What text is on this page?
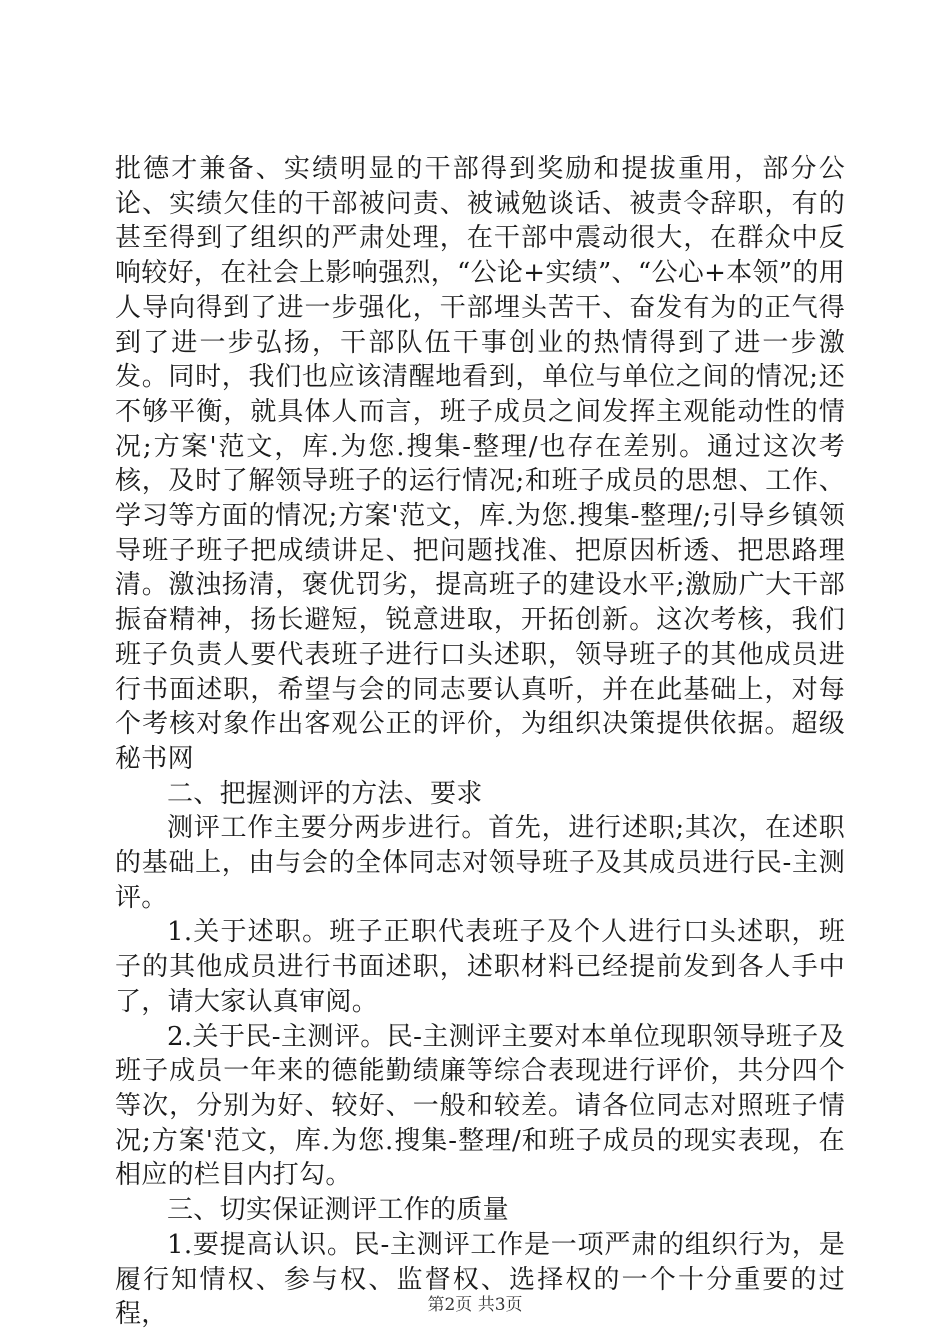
批德才兼备、实绩明显的干部得到奖励和提拔重用，部分公论、实绩欠佳的干部被问责、被诫勉谈话、被责令辞职，有的甚至得到了组织的严肃处理，在干部中震动很大，在群众中反响较好，在社会上影响强烈，“公论+实绩”、“公心+本领”的用人导向得到了进一步强化，干部埋头苦干、奋发有为的正气得到了进一步弘扬，干部队伍干事创业的热情得到了进一步激发。同时，我们也应该清醒地看到，单位与单位之间的情况;还不够平衡，就具体人而言，班子成员之间发挥主观能动性的情况;方案'范文，库.为您.搜集-整理/也存在差别。通过这次考核，及时了解领导班子的运行情况;和班子成员的思想、工作、学习等方面的情况;方案'范文，库.为您.搜集-整理/;引导乡镇领导班子班子把成绩讲足、把问题找准、把原因析透、把思路理清。激浊扬清，褒优罚劣，提高班子的建设水平;激励广大干部振奋精神，扬长避短，锐意进取，开拓创新。这次考核，我们班子负责人要代表班子进行口头述职，领导班子的其他成员进行书面述职，希望与会的同志要认真听，并在此基础上，对每个考核对象作出客观公正的评价，为组织决策提供依据。超级秘书网

二、把握测评的方法、要求

测评工作主要分两步进行。首先，进行述职;其次，在述职的基础上，由与会的全体同志对领导班子及其成员进行民-主测评。

1.关于述职。班子正职代表班子及个人进行口头述职，班子的其他成员进行书面述职，述职材料已经提前发到各人手中了，请大家认真审阅。

2.关于民-主测评。民-主测评主要对本单位现职领导班子及班子成员一年来的德能勤绩廉等综合表现进行评价，共分四个等次，分别为好、较好、一般和较差。请各位同志对照班子情况;方案'范文，库.为您.搜集-整理/和班子成员的现实表现，在相应的栏目内打勾。

三、切实保证测评工作的质量

1.要提高认识。民-主测评工作是一项严肃的组织行为，是履行知情权、参与权、监督权、选择权的一个十分重要的过程，	第2页 共3页
